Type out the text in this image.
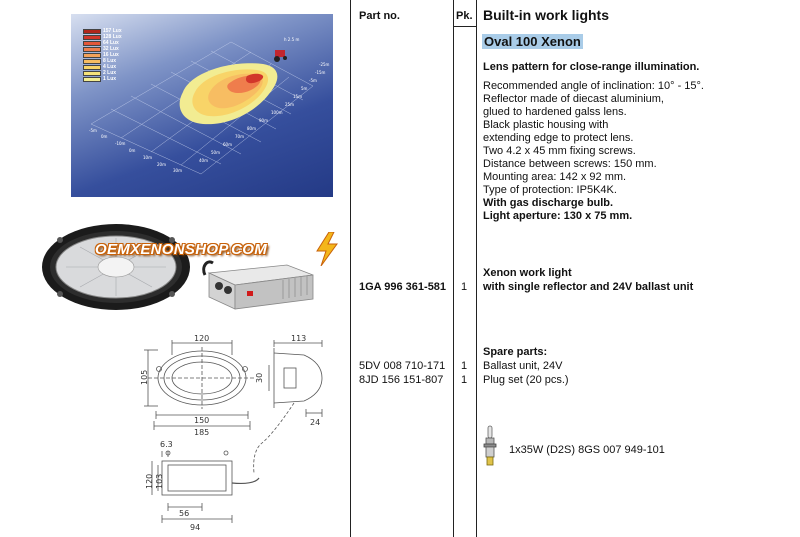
Part no.	Pk. Built-in work lights
Oval 100 Xenon
Lens pattern for close-range illumination.
Recommended angle of inclination: 10° - 15°.
Reflector made of diecast aluminium,
glued to hardened galss lens.
Black plastic housing with
extending edge to protect lens.
Two 4.2 x 45 mm fixing screws.
Distance between screws: 150 mm.
Mounting area: 142 x 92 mm.
Type of protection: IP5K4K.
With gas discharge bulb.
Light aperture: 130 x 75 mm.
1GA 996 361-581 1
Xenon work light
with single reflector and 24V ballast unit
Spare parts:
5DV 008 710-171 1 Ballast unit, 24V
8JD 156 151-807 1 Plug set (20 pcs.)
1x35W (D2S) 8GS 007 949-101
h 2.5 m
-5m
0m
-10m
0m
10m
20m
30m
40m
50m
60m
70m
80m
90m
100m
25m
15m
5m
-5m
-15m
-25m
157 Lux
128 Lux
64 Lux
32 Lux
16 Lux
8 Lux
4 Lux
2 Lux
1 Lux
OEMXENONSHOP.COM
120
105
113
30
150
185
24
6.3
120 103
56
94
